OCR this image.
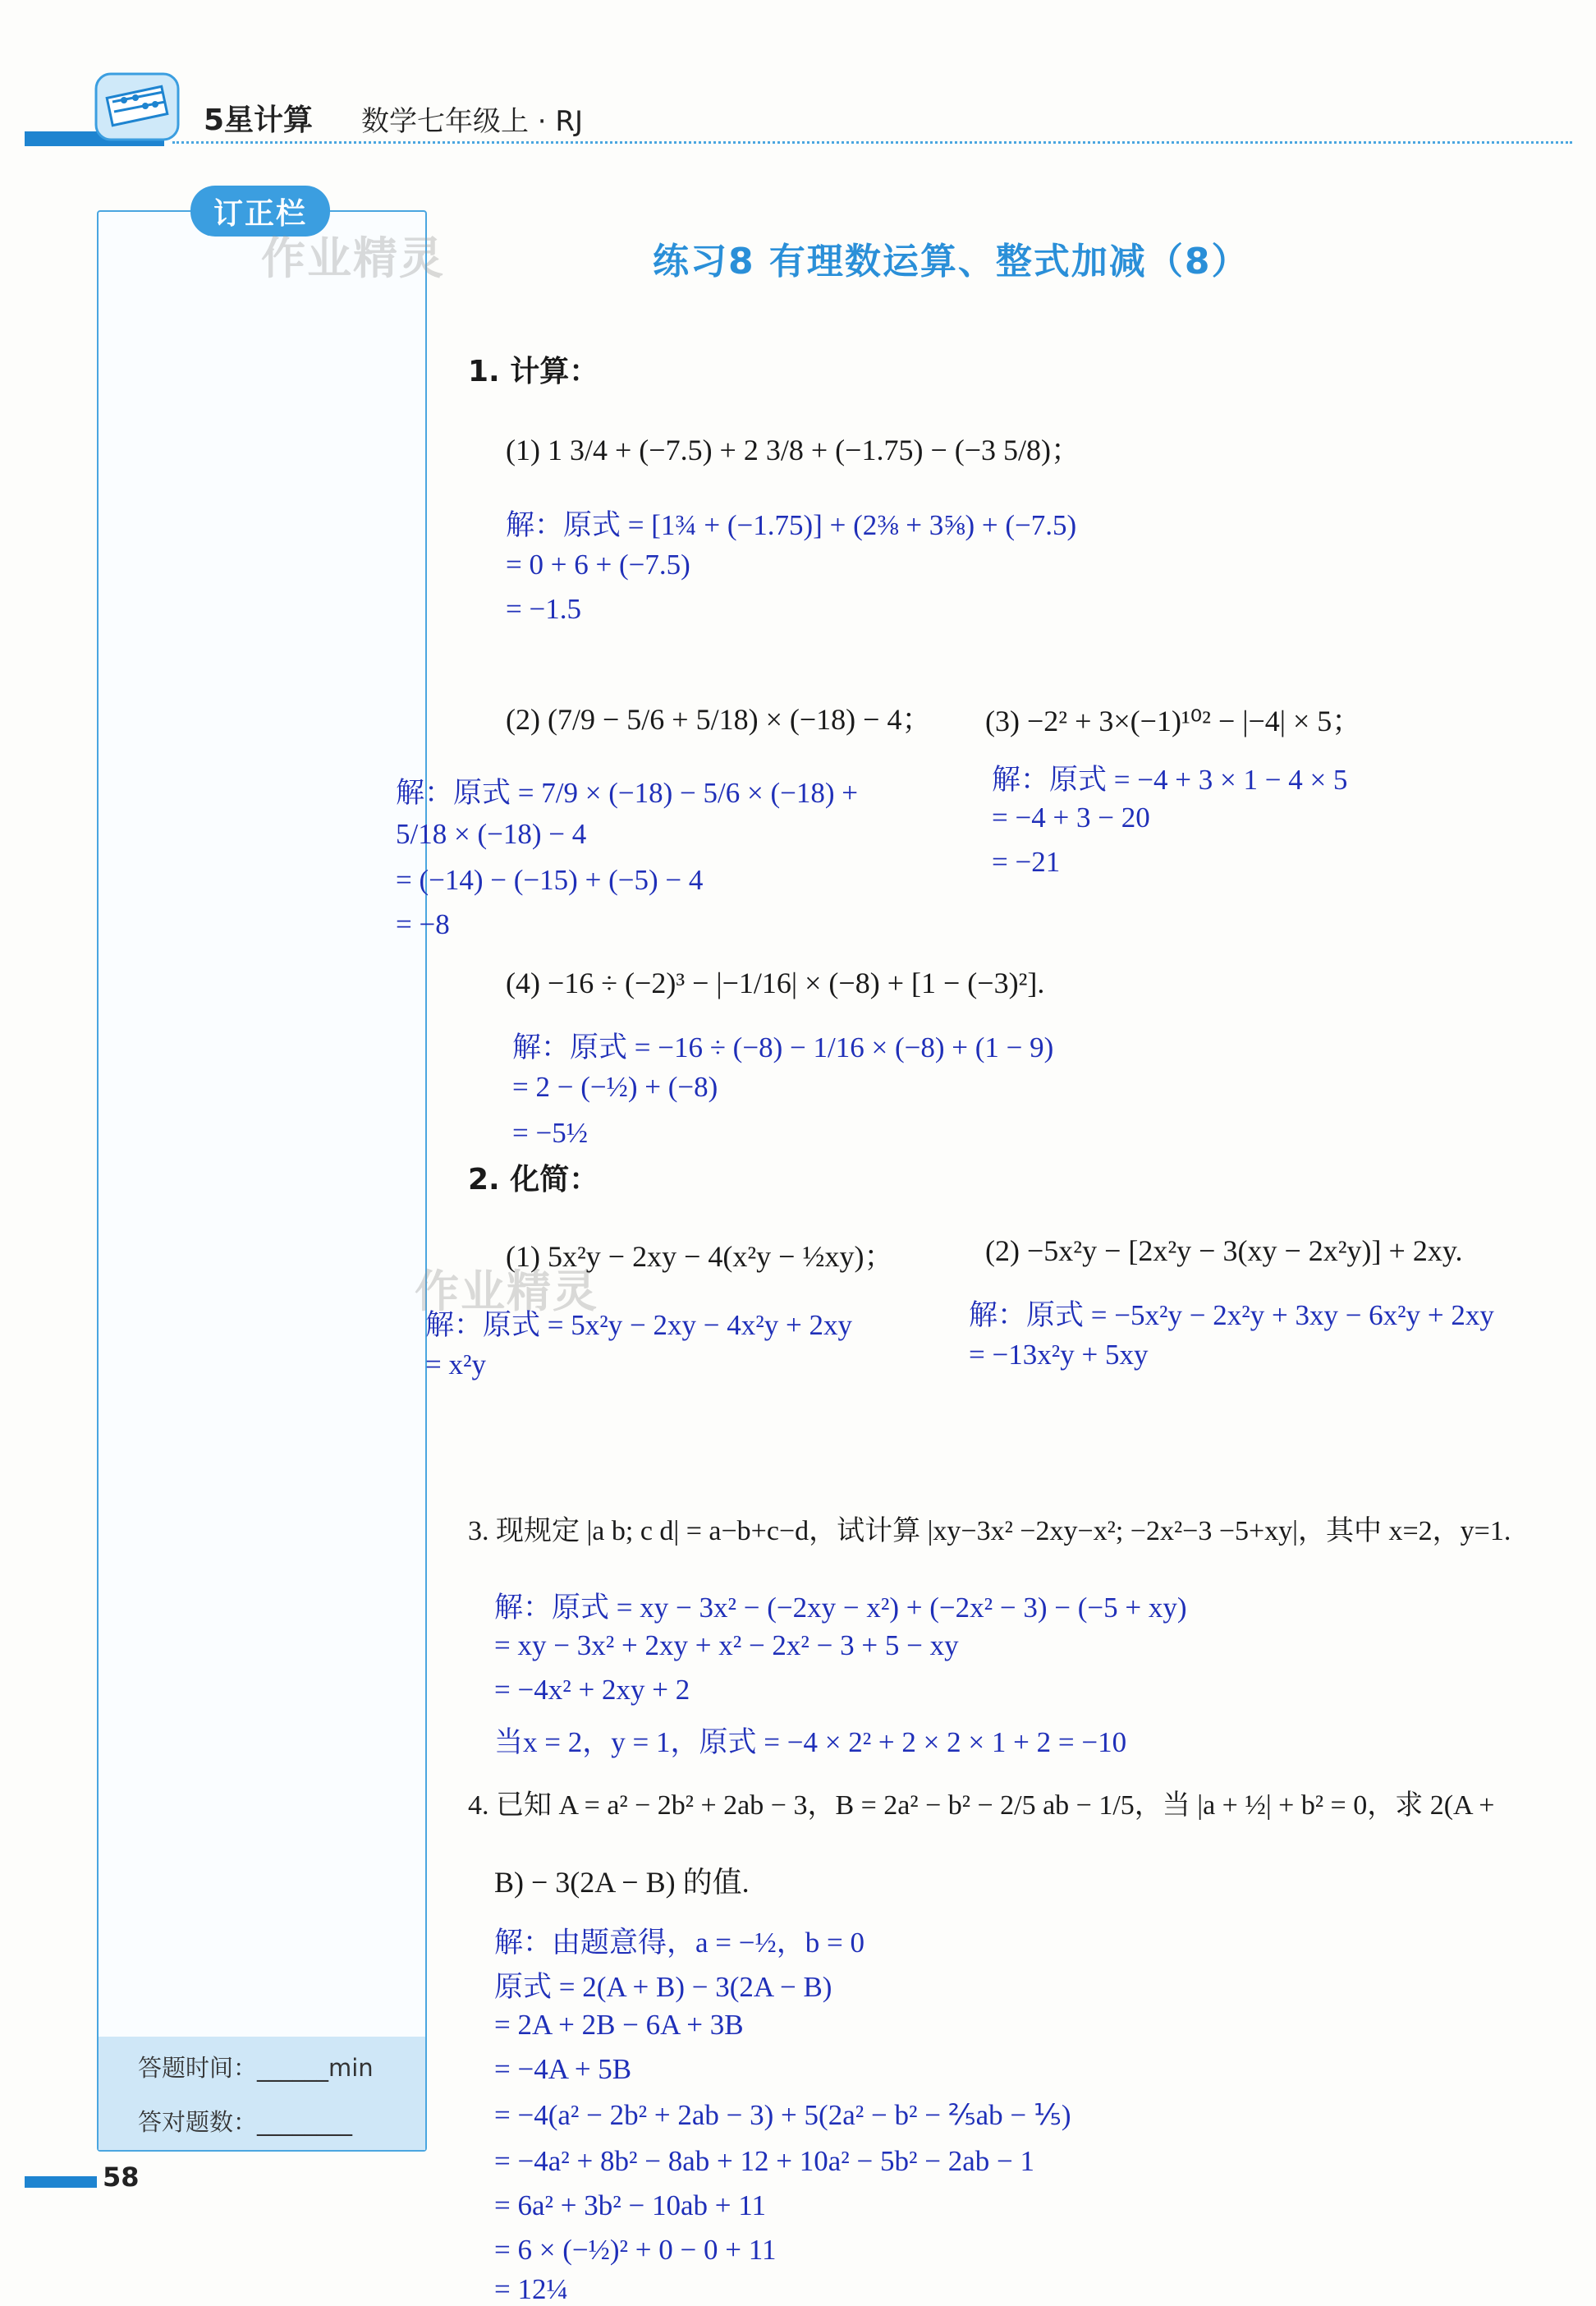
5星计算 数学七年级上 · RJ
订正栏
作业精灵
答题时间：______min
答对题数：________
58
练习8 有理数运算、整式加减（8）
1. 计算：
(1) 1 3/4 + (−7.5) + 2 3/8 + (−1.75) − (−3 5/8)；
解：原式 = [1¾ + (−1.75)] + (2⅜ + 3⅝) + (−7.5)
= 0 + 6 + (−7.5)
= −1.5
(2) (7/9 − 5/6 + 5/18) × (−18) − 4；
解：原式 = 7/9 × (−18) − 5/6 × (−18) +
5/18 × (−18) − 4
= (−14) − (−15) + (−5) − 4
= −8
(3) −2² + 3×(−1)¹⁰² − |−4| × 5；
解：原式 = −4 + 3 × 1 − 4 × 5
= −4 + 3 − 20
= −21
(4) −16 ÷ (−2)³ − |−1/16| × (−8) + [1 − (−3)²].
解：原式 = −16 ÷ (−8) − 1/16 × (−8) + (1 − 9)
= 2 − (−½) + (−8)
= −5½
2. 化简：
作业精灵
(1) 5x²y − 2xy − 4(x²y − ½xy)；
解：原式 = 5x²y − 2xy − 4x²y + 2xy
= x²y
(2) −5x²y − [2x²y − 3(xy − 2x²y)] + 2xy.
解：原式 = −5x²y − 2x²y + 3xy − 6x²y + 2xy
= −13x²y + 5xy
3. 现规定 |a b; c d| = a−b+c−d，试计算 |xy−3x² −2xy−x²; −2x²−3 −5+xy|，其中 x=2，y=1.
解：原式 = xy − 3x² − (−2xy − x²) + (−2x² − 3) − (−5 + xy)
= xy − 3x² + 2xy + x² − 2x² − 3 + 5 − xy
= −4x² + 2xy + 2
当x = 2，y = 1，原式 = −4 × 2² + 2 × 2 × 1 + 2 = −10
4. 已知 A = a² − 2b² + 2ab − 3，B = 2a² − b² − 2/5 ab − 1/5，当 |a + ½| + b² = 0，求 2(A +
B) − 3(2A − B) 的值.
解：由题意得，a = −½，b = 0
原式 = 2(A + B) − 3(2A − B)
= 2A + 2B − 6A + 3B
= −4A + 5B
= −4(a² − 2b² + 2ab − 3) + 5(2a² − b² − ⅖ab − ⅕)
= −4a² + 8b² − 8ab + 12 + 10a² − 5b² − 2ab − 1
= 6a² + 3b² − 10ab + 11
= 6 × (−½)² + 0 − 0 + 11
= 12¼
